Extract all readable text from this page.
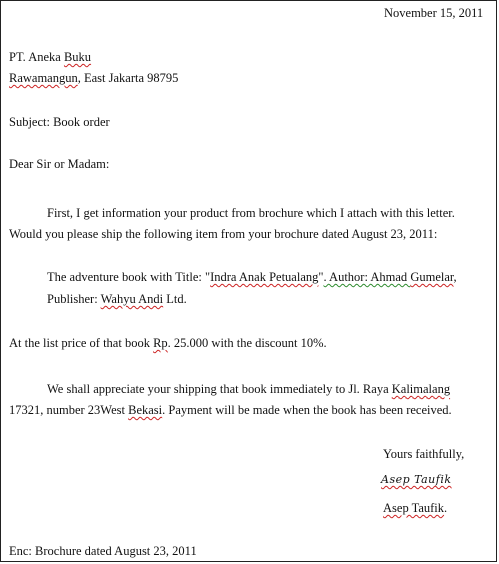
November 15, 2011
PT. Aneka Buku
Rawamangun, East Jakarta 98795
Subject: Book order
Dear Sir or Madam:
First, I get information your product from brochure which I attach with this letter.
Would you please ship the following item from your brochure dated August 23, 2011:
The adventure book with Title: "Indra Anak Petualang". Author: Ahmad Gumelar,
Publisher: Wahyu Andi Ltd.
At the list price of that book Rp. 25.000 with the discount 10%.
We shall appreciate your shipping that book immediately to Jl. Raya Kalimalang
17321, number 23West Bekasi. Payment will be made when the book has been received.
Yours faithfully,
Asep Taufik
Asep Taufik.
Enc: Brochure dated August 23, 2011
